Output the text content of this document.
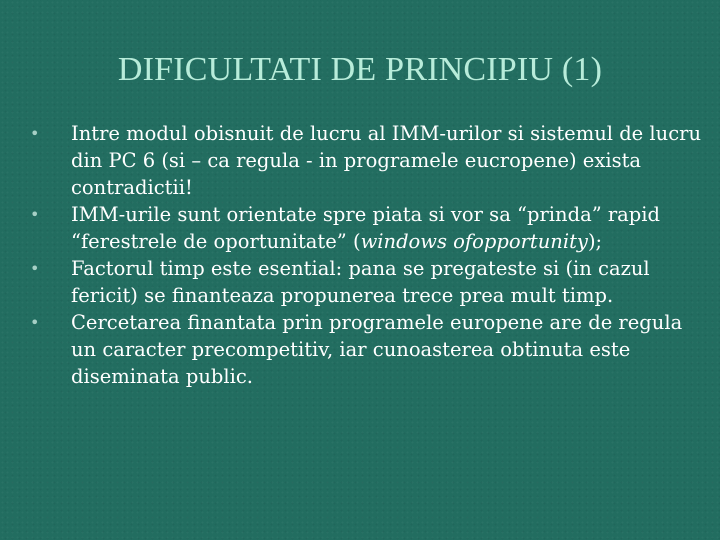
DIFICULTATI DE PRINCIPIU (1)
• Intre modul obisnuit de lucru al IMM-urilor si sistemul de lucru din PC 6 (si – ca regula - in programele eucropene) exista contradictii!
• IMM-urile sunt orientate spre piata si vor sa “prinda” rapid “ferestrele de oportunitate” (windows ofopportunity);
• Factorul timp este esential: pana se pregateste si (in cazul fericit) se finanteaza propunerea trece prea mult timp.
• Cercetarea finantata prin programele europene are de regula un caracter precompetitiv, iar cunoasterea obtinuta este diseminata public.
